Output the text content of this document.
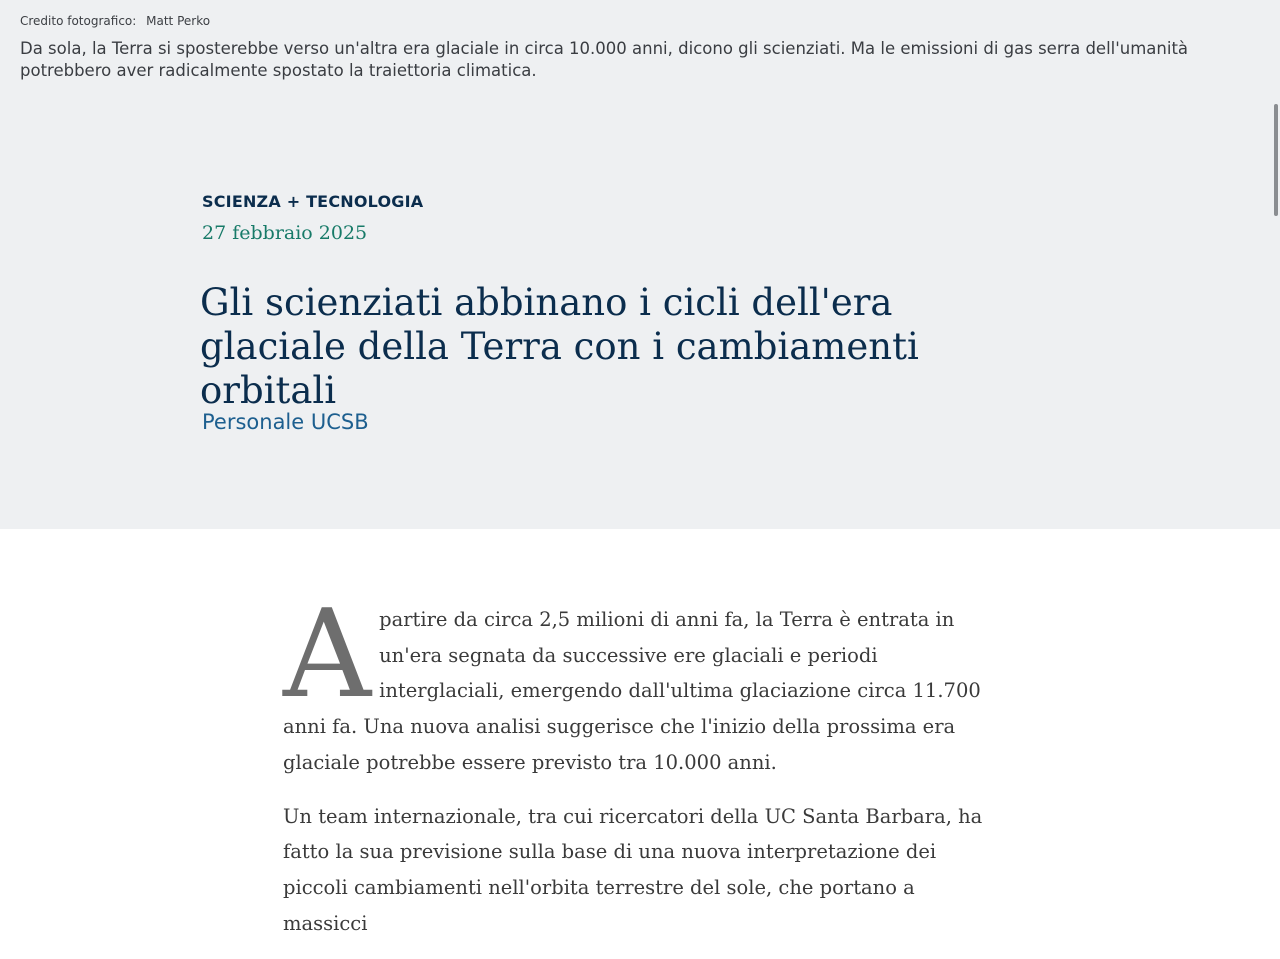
Credito fotografico: Matt Perko
Da sola, la Terra si sposterebbe verso un'altra era glaciale in circa 10.000 anni, dicono gli scienziati. Ma le emissioni di gas serra dell'umanità potrebbero aver radicalmente spostato la traiettoria climatica.
SCIENZA + TECNOLOGIA
27 febbraio 2025
Gli scienziati abbinano i cicli dell'era glaciale della Terra con i cambiamenti orbitali
Personale UCSB

Apartire da circa 2,5 milioni di anni fa, la Terra è entrata in un'era segnata da successive ere glaciali e periodi interglaciali, emergendo dall'ultima glaciazione circa 11.700 anni fa. Una nuova analisi suggerisce che l'inizio della prossima era glaciale potrebbe essere previsto tra 10.000 anni.

Un team internazionale, tra cui ricercatori della UC Santa Barbara, ha fatto la sua previsione sulla base di una nuova interpretazione dei piccoli cambiamenti nell'orbita terrestre del sole, che portano a massicci
